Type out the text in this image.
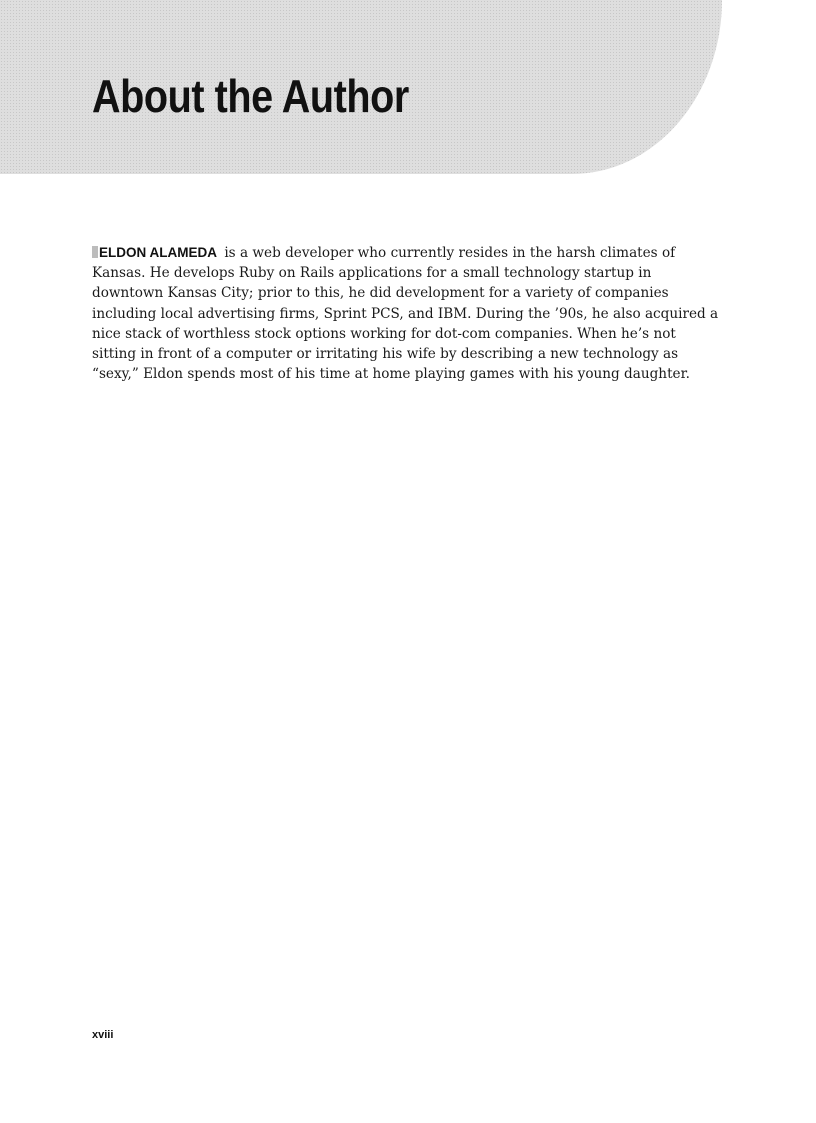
About the Author

ELDON ALAMEDA is a web developer who currently resides in the harsh climates of Kansas. He develops Ruby on Rails applications for a small technology startup in downtown Kansas City; prior to this, he did development for a variety of companies including local advertising firms, Sprint PCS, and IBM. During the ’90s, he also acquired a nice stack of worthless stock options working for dot-com companies. When he’s not sitting in front of a computer or irritating his wife by describing a new technology as “sexy,” Eldon spends most of his time at home playing games with his young daughter.

xviii
